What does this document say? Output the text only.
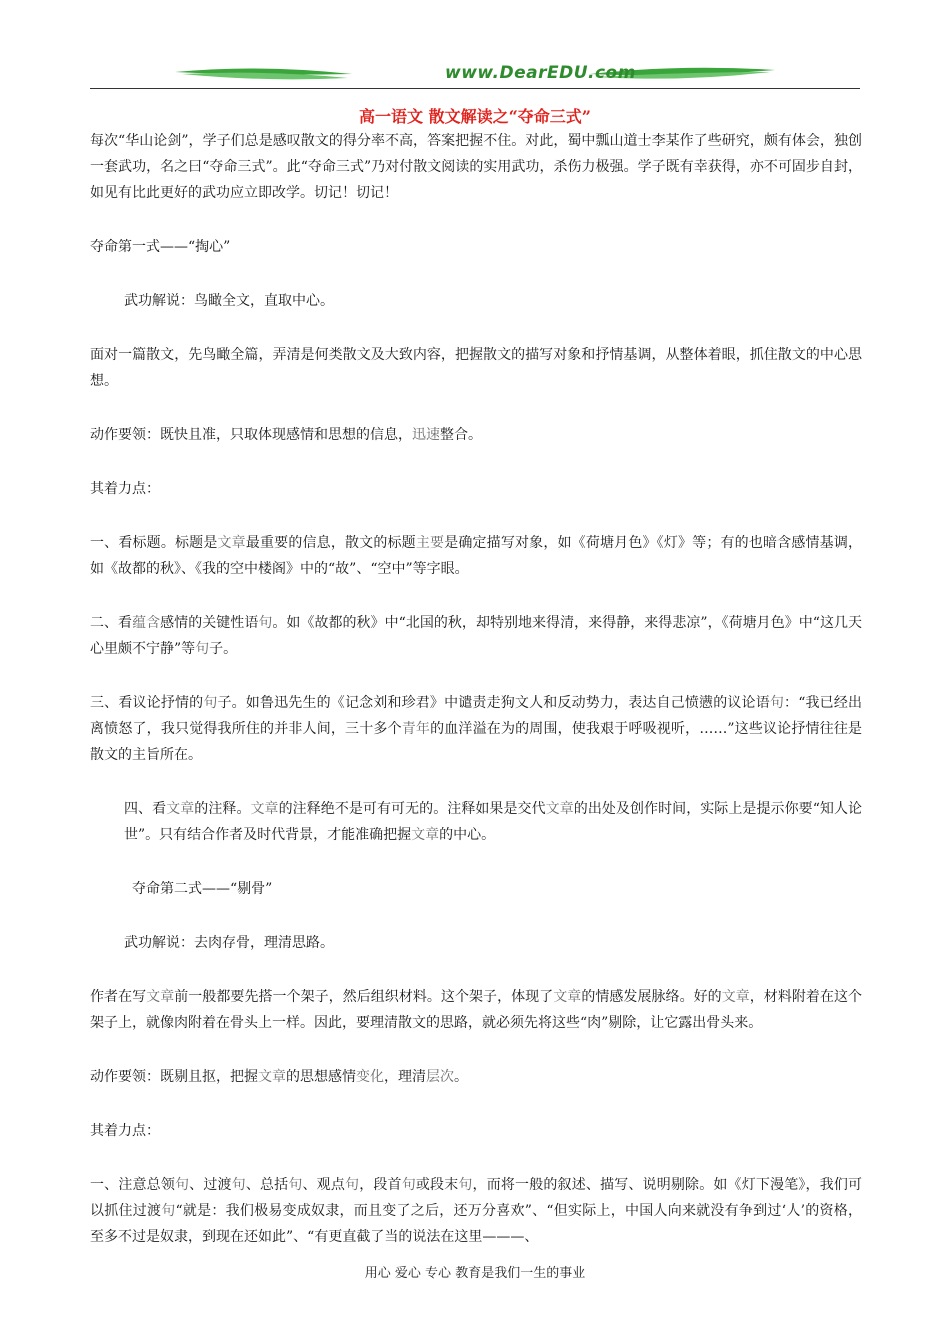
www.DearEDU.com
高一语文 散文解读之“夺命三式”

每次“华山论剑”，学子们总是感叹散文的得分率不高，答案把握不住。对此，蜀中瓢山道士李某作了些研究，颇有体会，独创一套武功，名之曰“夺命三式”。此“夺命三式”乃对付散文阅读的实用武功，杀伤力极强。学子既有幸获得，亦不可固步自封，如见有比此更好的武功应立即改学。切记！切记！

夺命第一式——“掏心”

武功解说：鸟瞰全文，直取中心。

面对一篇散文，先鸟瞰全篇，弄清是何类散文及大致内容，把握散文的描写对象和抒情基调，从整体着眼，抓住散文的中心思想。

动作要领：既快且准，只取体现感情和思想的信息，迅速整合。

其着力点：

一、看标题。标题是文章最重要的信息，散文的标题主要是确定描写对象，如《荷塘月色》《灯》等；有的也暗含感情基调，如《故都的秋》、《我的空中楼阁》中的“故”、“空中”等字眼。

二、看蕴含感情的关键性语句。如《故都的秋》中“北国的秋，却特别地来得清，来得静，来得悲凉”，《荷塘月色》中“这几天心里颇不宁静”等句子。

三、看议论抒情的句子。如鲁迅先生的《记念刘和珍君》中谴责走狗文人和反动势力，表达自己愤懑的议论语句：“我已经出离愤怒了，我只觉得我所住的并非人间，三十多个青年的血洋溢在为的周围，使我艰于呼吸视听，……”这些议论抒情往往是散文的主旨所在。

四、看文章的注释。文章的注释绝不是可有可无的。注释如果是交代文章的出处及创作时间，实际上是提示你要“知人论世”。只有结合作者及时代背景，才能准确把握文章的中心。

夺命第二式——“剔骨”

武功解说：去肉存骨，理清思路。

作者在写文章前一般都要先搭一个架子，然后组织材料。这个架子，体现了文章的情感发展脉络。好的文章，材料附着在这个架子上，就像肉附着在骨头上一样。因此，要理清散文的思路，就必须先将这些“肉”剔除，让它露出骨头来。

动作要领：既剔且抠，把握文章的思想感情变化，理清层次。

其着力点：

一、注意总领句、过渡句、总括句、观点句，段首句或段末句，而将一般的叙述、描写、说明剔除。如《灯下漫笔》，我们可以抓住过渡句“就是：我们极易变成奴隶，而且变了之后，还万分喜欢”、“但实际上，中国人向来就没有争到过‘人’的资格，至多不过是奴隶，到现在还如此”、“有更直截了当的说法在这里———、

用心 爱心 专心 教育是我们一生的事业
